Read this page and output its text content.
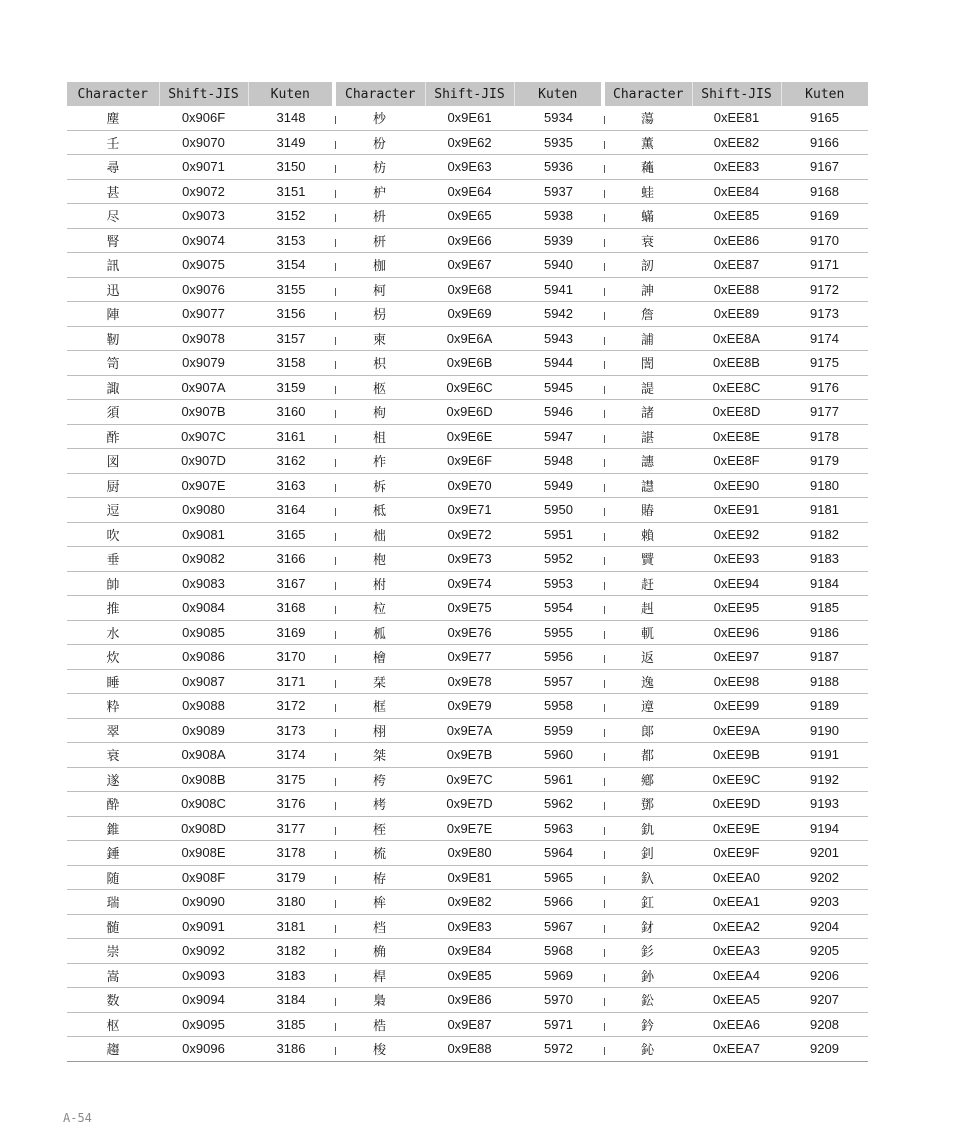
Character	Shift-JIS	Kuten	Character	Shift-JIS	Kuten	Character	Shift-JIS	Kuten
塵	0x906F	3148	杪	0x9E61	5934	蕩	0xEE81	9165
壬	0x9070	3149	枌	0x9E62	5935	薫	0xEE82	9166
尋	0x9071	3150	枋	0x9E63	5936	蘒	0xEE83	9167
甚	0x9072	3151	枦	0x9E64	5937	蛙	0xEE84	9168
尽	0x9073	3152	枡	0x9E65	5938	蟎	0xEE85	9169
腎	0x9074	3153	枅	0x9E66	5939	衰	0xEE86	9170
訊	0x9075	3154	枷	0x9E67	5940	訒	0xEE87	9171
迅	0x9076	3155	柯	0x9E68	5941	訷	0xEE88	9172
陣	0x9077	3156	枴	0x9E69	5942	詹	0xEE89	9173
靭	0x9078	3157	柬	0x9E6A	5943	誧	0xEE8A	9174
笥	0x9079	3158	枳	0x9E6B	5944	誾	0xEE8B	9175
諏	0x907A	3159	柩	0x9E6C	5945	諟	0xEE8C	9176
須	0x907B	3160	枸	0x9E6D	5946	諸	0xEE8D	9177
酢	0x907C	3161	柤	0x9E6E	5947	諶	0xEE8E	9178
図	0x907D	3162	柞	0x9E6F	5948	譓	0xEE8F	9179
厨	0x907E	3163	柝	0x9E70	5949	譿	0xEE90	9180
逗	0x9080	3164	柢	0x9E71	5950	賰	0xEE91	9181
吹	0x9081	3165	柮	0x9E72	5951	賴	0xEE92	9182
垂	0x9082	3166	枹	0x9E73	5952	贒	0xEE93	9183
帥	0x9083	3167	柎	0x9E74	5953	赶	0xEE94	9184
推	0x9084	3168	柆	0x9E75	5954	赳	0xEE95	9185
水	0x9085	3169	柧	0x9E76	5955	軏	0xEE96	9186
炊	0x9086	3170	檜	0x9E77	5956	返	0xEE97	9187
睡	0x9087	3171	栞	0x9E78	5957	逸	0xEE98	9188
粋	0x9088	3172	框	0x9E79	5958	遧	0xEE99	9189
翠	0x9089	3173	栩	0x9E7A	5959	郞	0xEE9A	9190
衰	0x908A	3174	桀	0x9E7B	5960	都	0xEE9B	9191
遂	0x908B	3175	桍	0x9E7C	5961	鄕	0xEE9C	9192
酔	0x908C	3176	栲	0x9E7D	5962	鄧	0xEE9D	9193
錐	0x908D	3177	桎	0x9E7E	5963	釚	0xEE9E	9194
錘	0x908E	3178	梳	0x9E80	5964	釗	0xEE9F	9201
随	0x908F	3179	栫	0x9E81	5965	釞	0xEEA0	9202
瑞	0x9090	3180	桙	0x9E82	5966	釭	0xEEA1	9203
髄	0x9091	3181	档	0x9E83	5967	釮	0xEEA2	9204
崇	0x9092	3182	桷	0x9E84	5968	釤	0xEEA3	9205
嵩	0x9093	3183	桿	0x9E85	5969	釥	0xEEA4	9206
数	0x9094	3184	梟	0x9E86	5970	鈆	0xEEA5	9207
枢	0x9095	3185	梏	0x9E87	5971	鈐	0xEEA6	9208
趨	0x9096	3186	梭	0x9E88	5972	鈊	0xEEA7	9209
A-54
